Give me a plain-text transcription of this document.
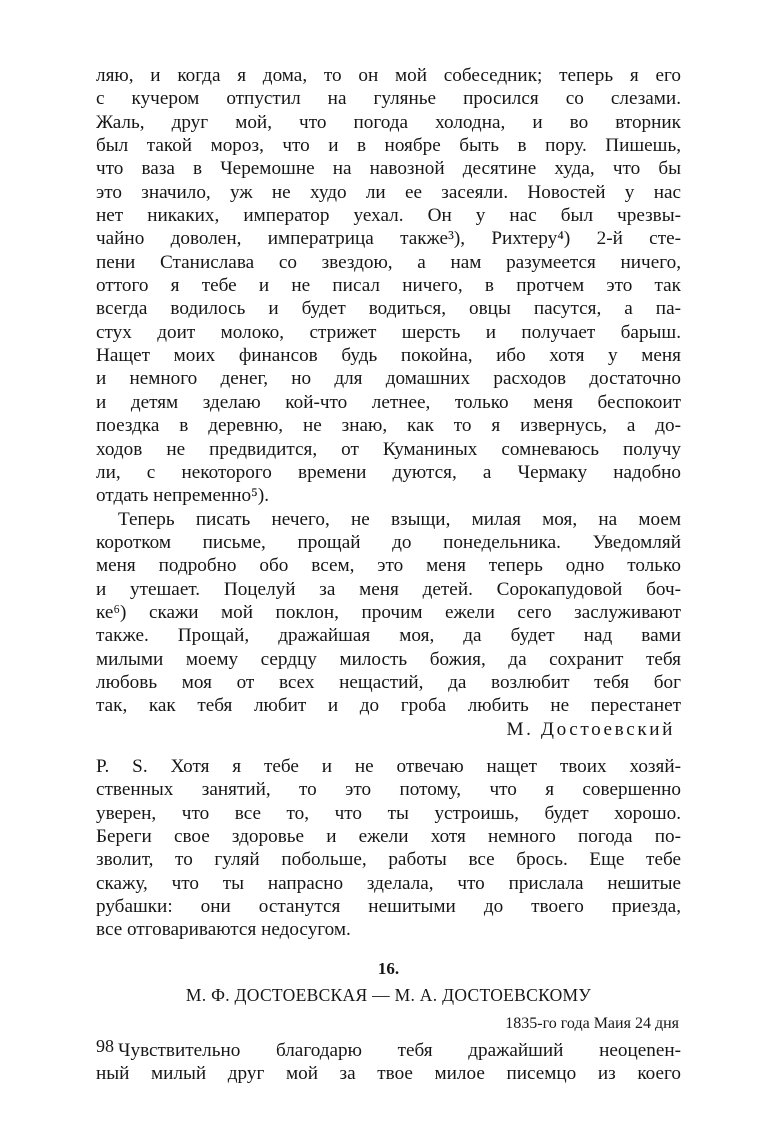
ляю, и когда я дома, то он мой собеседник; теперь я его
с кучером отпустил на гулянье просился со слезами.
Жаль, друг мой, что погода холодна, и во вторник
был такой мороз, что и в ноябре быть в пору. Пишешь,
что ваза в Черемошне на навозной десятине худа, что бы
это значило, уж не худо ли ее засеяли. Новостей у нас
нет никаких, император уехал. Он у нас был чрезвы-
чайно доволен, императрица также³), Рихтеру⁴) 2-й сте-
пени Станислава со звездою, а нам разумеется ничего,
оттого я тебе и не писал ничего, в протчем это так
всегда водилось и будет водиться, овцы пасутся, а па-
стух доит молоко, стрижет шерсть и получает барыш.
Нащет моих финансов будь покойна, ибо хотя у меня
и немного денег, но для домашних расходов достаточно
и детям зделаю кой-что летнее, только меня беспокоит
поездка в деревню, не знаю, как то я извернусь, а до-
ходов не предвидится, от Куманиных сомневаюсь получу
ли, с некоторого времени дуются, а Чермаку надобно
отдать непременно⁵).
Теперь писать нечего, не взыщи, милая моя, на моем
коротком письме, прощай до понедельника. Уведомляй
меня подробно обо всем, это меня теперь одно только
и утешает. Поцелуй за меня детей. Сорокапудовой боч-
ке⁶) скажи мой поклон, прочим ежели сего заслуживают
также. Прощай, дражайшая моя, да будет над вами
милыми моему сердцу милость божия, да сохранит тебя
любовь моя от всех нещастий, да возлюбит тебя бог
так, как тебя любит и до гроба любить не перестанет
М. Достоевский
P. S. Хотя я тебе и не отвечаю нащет твоих хозяй-
ственных занятий, то это потому, что я совершенно
уверен, что все то, что ты устроишь, будет хорошо.
Береги свое здоровье и ежели хотя немного погода по-
зволит, то гуляй побольше, работы все брось. Еще тебе
скажу, что ты напрасно зделала, что прислала нешитые
рубашки: они останутся нешитыми до твоего приезда,
все отговариваются недосугом.
16.
М. Ф. ДОСТОЕВСКАЯ — М. А. ДОСТОЕВСКОМУ
1835-го года Маия 24 дня
Чувствительно благодарю тебя дражайший неоцenен-
ный милый друг мой за твое милое писемцо из коего
98
